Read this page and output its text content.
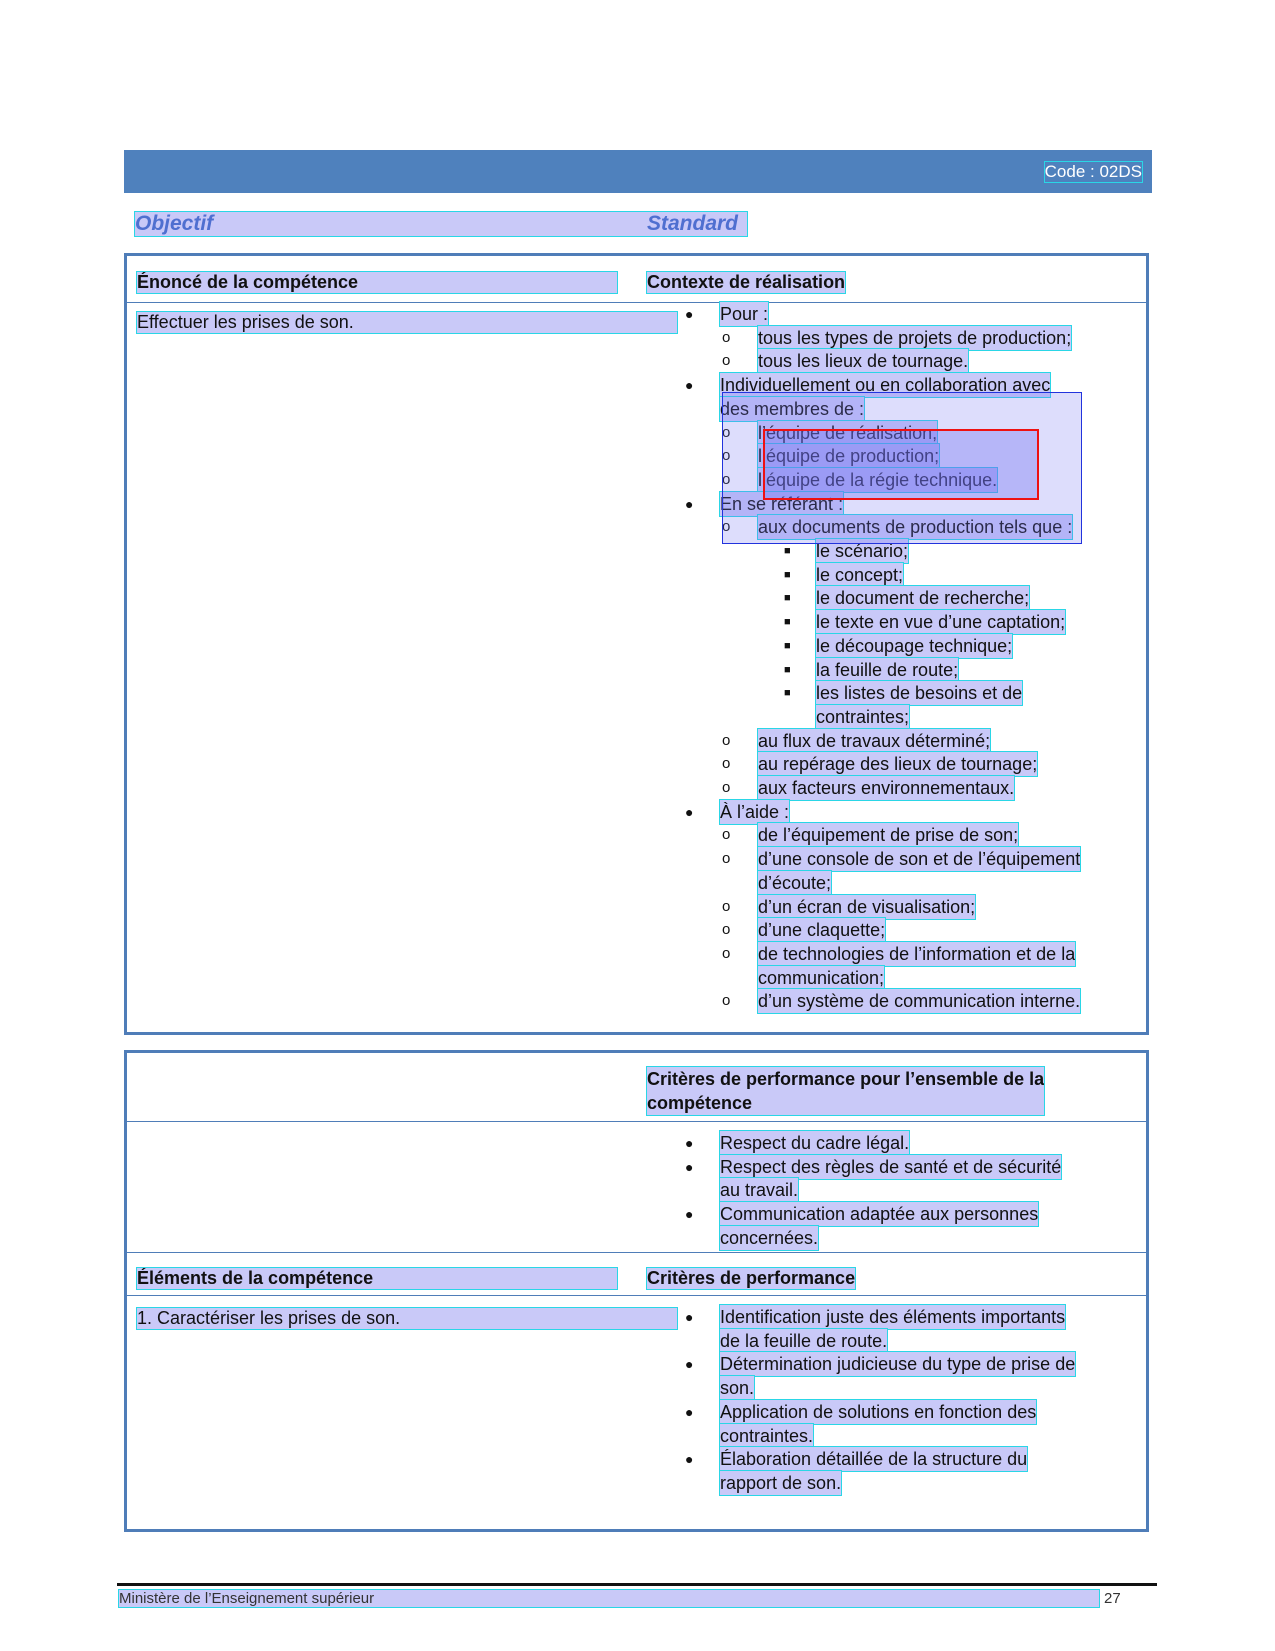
Code : 02DS
Objectif	Standard
Énoncé de la compétence	Contexte de réalisation
Effectuer les prises de son.	● Pour :
o tous les types de projets de production;
o tous les lieux de tournage.
● Individuellement ou en collaboration avec
des membres de :
o l’équipe de réalisation;
o l’équipe de production;
o l’équipe de la régie technique.
● En se référant :
o aux documents de production tels que :
■ le scénario;
■ le concept;
■ le document de recherche;
■ le texte en vue d’une captation;
■ le découpage technique;
■ la feuille de route;
■ les listes de besoins et de
contraintes;
o au flux de travaux déterminé;
o au repérage des lieux de tournage;
o aux facteurs environnementaux.
● À l’aide :
o de l’équipement de prise de son;
o d’une console de son et de l’équipement
d’écoute;
o d’un écran de visualisation;
o d’une claquette;
o de technologies de l’information et de la
communication;
o d’un système de communication interne.
Critères de performance pour l’ensemble de la
compétence
● Respect du cadre légal.
● Respect des règles de santé et de sécurité
au travail.
● Communication adaptée aux personnes
concernées.
Éléments de la compétence	Critères de performance
1. Caractériser les prises de son.	● Identification juste des éléments importants
de la feuille de route.
● Détermination judicieuse du type de prise de
son.
● Application de solutions en fonction des
contraintes.
● Élaboration détaillée de la structure du
rapport de son.
Ministère de l’Enseignement supérieur	27
